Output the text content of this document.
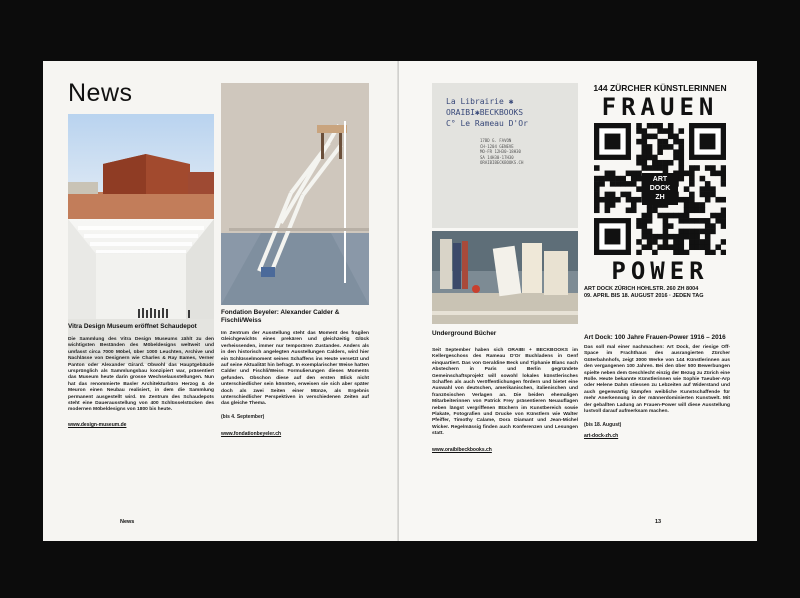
News
Vitra Design Museum eröffnet Schaudepot
Die Sammlung des Vitra Design Museums zählt zu den wichtigsten Beständen des Möbeldesigns weltweit und umfasst circa 7000 Möbel, über 1000 Leuchten, Archive und Nachlässe von Designern wie Charles & Ray Eames, Verner Panton oder Alexander Girard. Obwohl das Hauptgebäude ursprünglich als Sammlungsbau konzipiert war, präsentiert das Museum heute darin grosse Wechselausstellungen. Nun hat das renommierte Basler Architekturbüro Herzog & de Meuron einen Neubau realisiert, in dem die Sammlung permanent ausgestellt wird. Im Zentrum des Schaudepots steht eine Dauerausstellung von 400 Schlüsselstücken des modernen Möbeldesigns von 1800 bis heute.
www.design-museum.de
Fondation Beyeler: Alexander Calder & Fischli/Weiss
Im Zentrum der Ausstellung steht das Moment des fragilen Gleichgewichts eines prekären und gleichzeitig Glück verheissenden, immer nur temporären Zustandes. Anders als in den historisch angelegten Ausstellungen Calders, wird hier ein Schlüsselmoment seines Schaffens ins Heute versetzt und auf seine Aktualität hin befragt. In exemplarischer Weise hatten Calder und Fischli/Weiss Formulierungen dieses Moments gefunden. Obschon diese auf den ersten Blick nicht unterschiedlicher sein könnten, erweisen sie sich aber später doch als zwei Seiten einer Münze, als Ergebnis unterschiedlicher Perspektiven in verschiedenen Zeiten auf das gleiche Thema.
(bis 4. September)
www.fondationbeyeler.ch
News
La Librairie ✱
ORAIBI✱BECKBOOKS
C° Le Rameau D'Or
17BD G. FAVON
CH-1204 GENEVE
MO-FR 12H30-18H30
SA 14H30-17H30
ORAIBIBECKBOOKS.CH
144 ZÜRCHER KÜNSTLERINNEN
FRAUEN
ART
DOCK
ZH
POWER
ART DOCK ZÜRICH HOHLSTR. 260 ZH 8004
09. APRIL BIS 18. AUGUST 2016 · JEDEN TAG
Underground Bücher
Seit September haben sich ORAIBI + BECKBOOKS im Kellergeschoss des Rameau D'Or Buchladens in Genf einquartiert. Das von Geraldine Beck und Tiphanie Blanc nach Abstechern in Paris und Berlin gegründete Gemeinschaftsprojekt will sowohl lokales künstlerisches Schaffen als auch Veröffentlichungen fördern und bietet eine Auswahl von deutschen, amerikanischen, italienischen und französischen Verlagen an. Die beiden ehemaligen Mitarbeiterinnen von Patrick Frey präsentieren Neuauflagen neben längst vergriffenen Büchern im Kunstbereich sowie Plakate, Fotografien und Drucke von Künstlern wie Walter Pfeiffer, Timothy Calame, Dora Diamant und Jean-Michel Wicker. Regelmässig finden auch Konferenzen und Lesungen statt.
www.oraibibeckbooks.ch
Art Dock: 100 Jahre Frauen-Power 1916 – 2016
Das soll mal einer nachmachen: Art Dock, der riesige Off-Space im Frachthaus des ausrangierten Zürcher Güterbahnhofs, zeigt 3000 Werke von 144 Künstlerinnen aus den vergangenen 100 Jahren. Bei den über 500 Bewerbungen spielte neben dem Geschlecht einzig der Bezug zu Zürich eine Rolle. Heute bekannte Künstlerinnen wie Sophie Taeuber-Arp oder Helene Dahm stiessen zu Lebzeiten auf Widerstand und auch gegenwärtig kämpfen weibliche Kunstschaffende für mehr Anerkennung in der männerdominierten Kunstwelt. Mit der geballten Ladung an Frauen-Power will diese Ausstellung lustvoll darauf aufmerksam machen.
(bis 18. August)
art-dock-zh.ch
13
